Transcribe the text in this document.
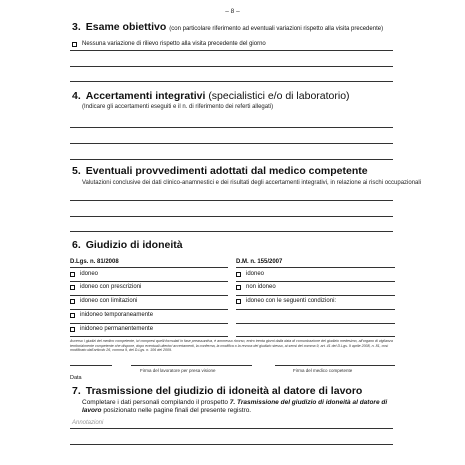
– 8 –
3. Esame obiettivo (con particolare riferimento ad eventuali variazioni rispetto alla visita precedente)
Nessuna variazione di rilievo rispetto alla visita precedente del giorno
4. Accertamenti integrativi (specialistici e/o di laboratorio)
(Indicare gli accertamenti eseguiti e il n. di riferimento dei referti allegati)
5. Eventuali provvedimenti adottati dal medico competente
Valutazioni conclusive dei dati clinico-anamnestici e dei risultati degli accertamenti integrativi, in relazione ai rischi occupazionali
6. Giudizio di idoneità
D.Lgs. n. 81/2008	D.M. n. 155/2007
idoneo
idoneo con prescrizioni
idoneo con limitazioni
inidoneo temporaneamente
inidoneo permanentemente
idoneo
non idoneo
idoneo con le seguenti condizioni:
Avverso i giudizi del medico competente, ivi compresi quelli formulati in fase preassuntiva, è ammesso ricorso, entro trenta giorni dalla data di comunicazione del giudizio medesimo, all'organo di vigilanza territorialmente competente che dispone, dopo eventuali ulteriori accertamenti, la conferma, la modifica o la revoca del giudizio stesso, ai sensi del comma 9, art. 41 del D.Lgs. 9 aprile 2008, n. 81, così modificato dall'articolo 26, comma 9, del D.Lgs. n. 106 del 2009.
Firma del lavoratore per presa visione	Firma del medico competente
Data
7. Trasmissione del giudizio di idoneità al datore di lavoro
Completare i dati personali compilando il prospetto 7. Trasmissione del giudizio di idoneità al datore di lavoro posizionato nelle pagine finali del presente registro.
Annotazioni
